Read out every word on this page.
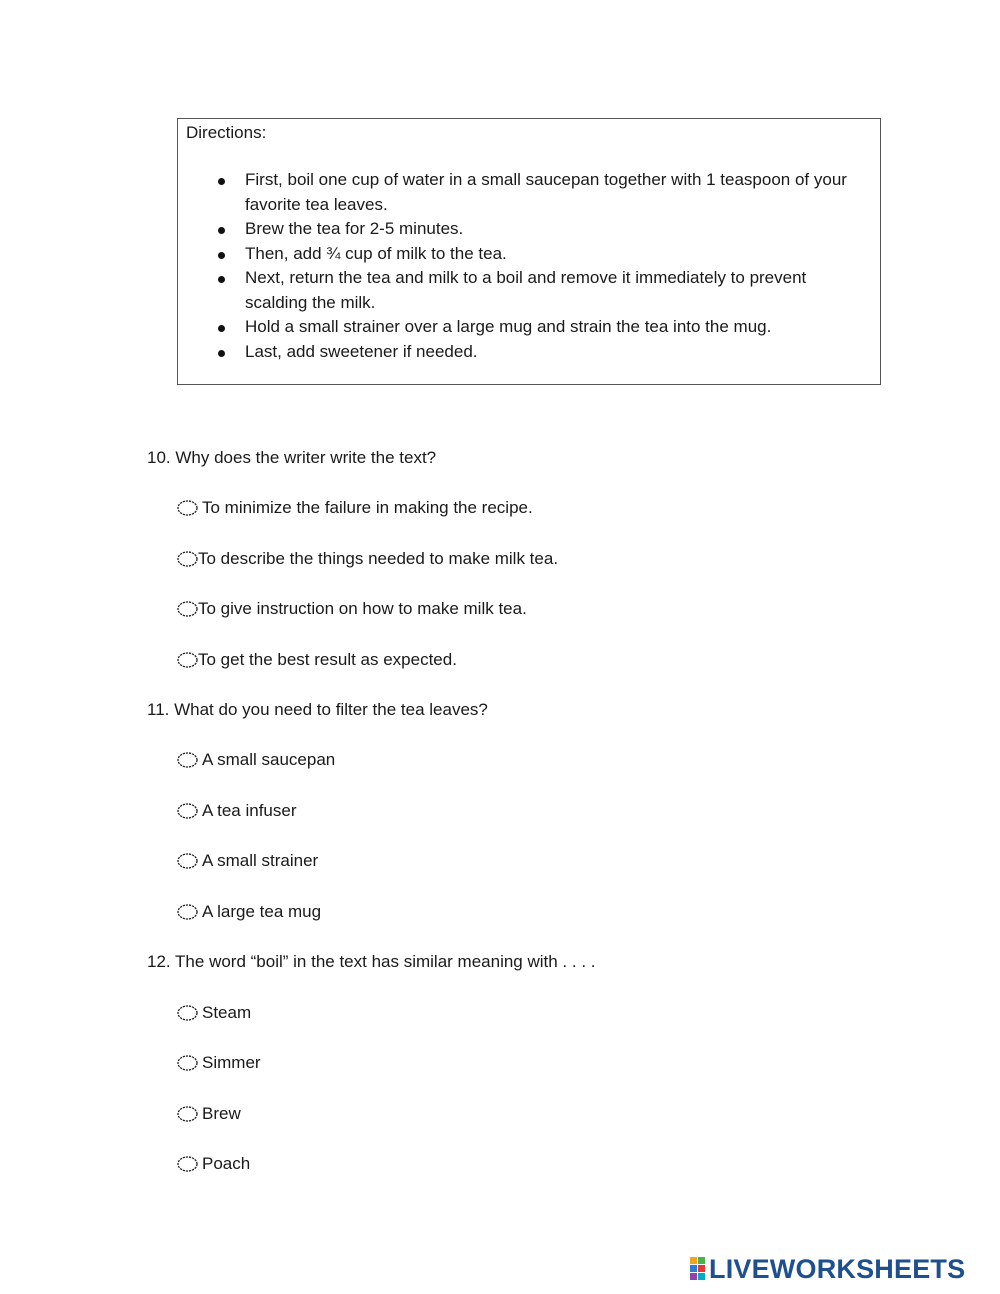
Directions:
First, boil one cup of water in a small saucepan together with 1 teaspoon of your favorite tea leaves.
Brew the tea for 2-5 minutes.
Then, add ¾ cup of milk to the tea.
Next, return the tea and milk to a boil and remove it immediately to prevent scalding the milk.
Hold a small strainer over a large mug and strain the tea into the mug.
Last, add sweetener if needed.
10. Why does the writer write the text?
To minimize the failure in making the recipe.
To describe the things needed to make milk tea.
To give instruction on how to make milk tea.
To get the best result as expected.
11. What do you need to filter the tea leaves?
A small saucepan
A tea infuser
A small strainer
A large tea mug
12. The word “boil” in the text has similar meaning with . . . .
Steam
Simmer
Brew
Poach
LIVEWORKSHEETS
